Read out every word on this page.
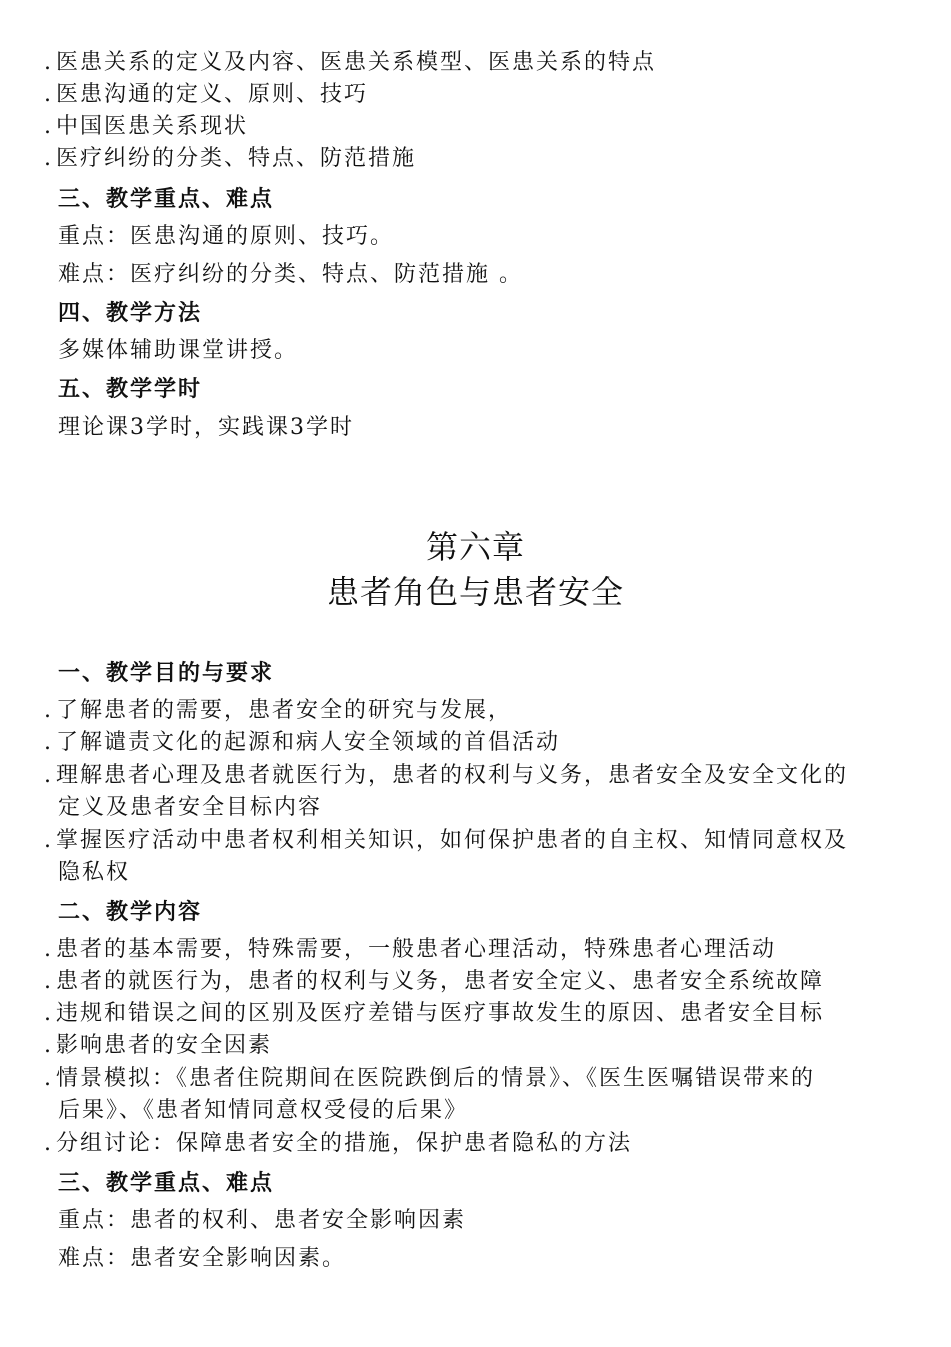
. 医患关系的定义及内容、医患关系模型、医患关系的特点
. 医患沟通的定义、原则、技巧
. 中国医患关系现状
. 医疗纠纷的分类、特点、防范措施
三、教学重点、难点
重点：医患沟通的原则、技巧。
难点：医疗纠纷的分类、特点、防范措施 。
四、教学方法
多媒体辅助课堂讲授。
五、教学学时
理论课3学时，实践课3学时
第六章
患者角色与患者安全
一、教学目的与要求
. 了解患者的需要，患者安全的研究与发展，
. 了解谴责文化的起源和病人安全领域的首倡活动
. 理解患者心理及患者就医行为，患者的权利与义务，患者安全及安全文化的
定义及患者安全目标内容
. 掌握医疗活动中患者权利相关知识，如何保护患者的自主权、知情同意权及
隐私权
二、教学内容
. 患者的基本需要，特殊需要，一般患者心理活动，特殊患者心理活动
. 患者的就医行为，患者的权利与义务，患者安全定义、患者安全系统故障
. 违规和错误之间的区别及医疗差错与医疗事故发生的原因、患者安全目标
. 影响患者的安全因素
. 情景模拟：《患者住院期间在医院跌倒后的情景》、《医生医嘱错误带来的
后果》、《患者知情同意权受侵的后果》
. 分组讨论：保障患者安全的措施，保护患者隐私的方法
三、教学重点、难点
重点：患者的权利、患者安全影响因素
难点：患者安全影响因素。
